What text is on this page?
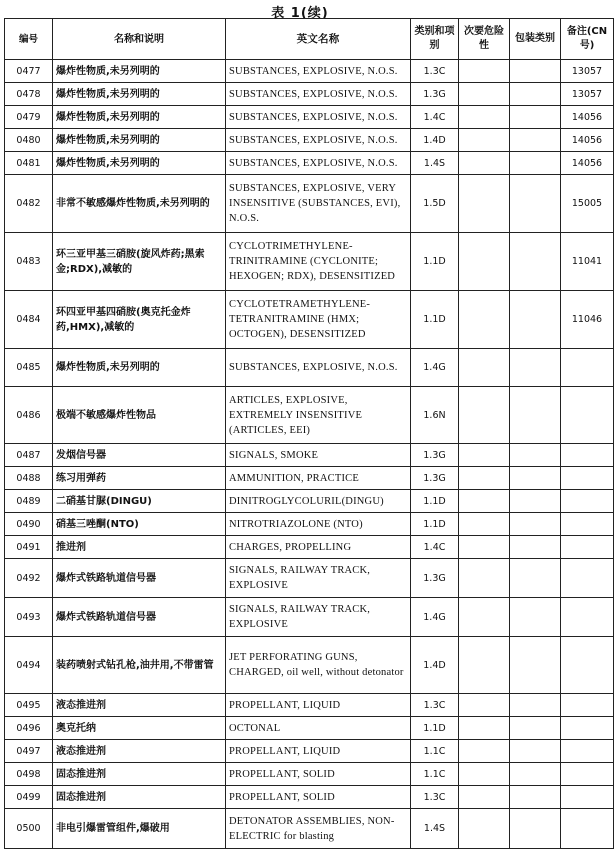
表 1(续)
编号	名称和说明	英文名称	类别和项别	次要危险性	包装类别	备注(CN号)
0477	爆炸性物质,未另列明的	SUBSTANCES, EXPLOSIVE, N.O.S.	1.3C			13057
0478	爆炸性物质,未另列明的	SUBSTANCES, EXPLOSIVE, N.O.S.	1.3G			13057
0479	爆炸性物质,未另列明的	SUBSTANCES, EXPLOSIVE, N.O.S.	1.4C			14056
0480	爆炸性物质,未另列明的	SUBSTANCES, EXPLOSIVE, N.O.S.	1.4D			14056
0481	爆炸性物质,未另列明的	SUBSTANCES, EXPLOSIVE, N.O.S.	1.4S			14056
0482	非常不敏感爆炸性物质,未另列明的	SUBSTANCES, EXPLOSIVE, VERY INSENSITIVE (SUBSTANCES, EVI), N.O.S.	1.5D			15005
0483	环三亚甲基三硝胺(旋风炸药;黑索金;RDX),减敏的	CYCLOTRIMETHYLENE-TRINITRAMINE (CYCLONITE; HEXOGEN; RDX), DESENSITIZED	1.1D			11041
0484	环四亚甲基四硝胺(奥克托金炸药,HMX),减敏的	CYCLOTETRAMETHYLENE-TETRANITRAMINE (HMX; OCTOGEN), DESENSITIZED	1.1D			11046
0485	爆炸性物质,未另列明的	SUBSTANCES, EXPLOSIVE, N.O.S.	1.4G			
0486	极端不敏感爆炸性物品	ARTICLES, EXPLOSIVE, EXTREMELY INSENSITIVE (ARTICLES, EEI)	1.6N			
0487	发烟信号器	SIGNALS, SMOKE	1.3G			
0488	练习用弹药	AMMUNITION, PRACTICE	1.3G			
0489	二硝基甘脲(DINGU)	DINITROGLYCOLURIL(DINGU)	1.1D			
0490	硝基三唑酮(NTO)	NITROTRIAZOLONE (NTO)	1.1D			
0491	推进剂	CHARGES, PROPELLING	1.4C			
0492	爆炸式铁路轨道信号器	SIGNALS, RAILWAY TRACK, EXPLOSIVE	1.3G			
0493	爆炸式铁路轨道信号器	SIGNALS, RAILWAY TRACK, EXPLOSIVE	1.4G			
0494	装药喷射式钻孔枪,油井用,不带雷管	JET PERFORATING GUNS, CHARGED, oil well, without detonator	1.4D			
0495	液态推进剂	PROPELLANT, LIQUID	1.3C			
0496	奥克托纳	OCTONAL	1.1D			
0497	液态推进剂	PROPELLANT, LIQUID	1.1C			
0498	固态推进剂	PROPELLANT, SOLID	1.1C			
0499	固态推进剂	PROPELLANT, SOLID	1.3C			
0500	非电引爆雷管组件,爆破用	DETONATOR ASSEMBLIES, NON-ELECTRIC for blasting	1.4S			
